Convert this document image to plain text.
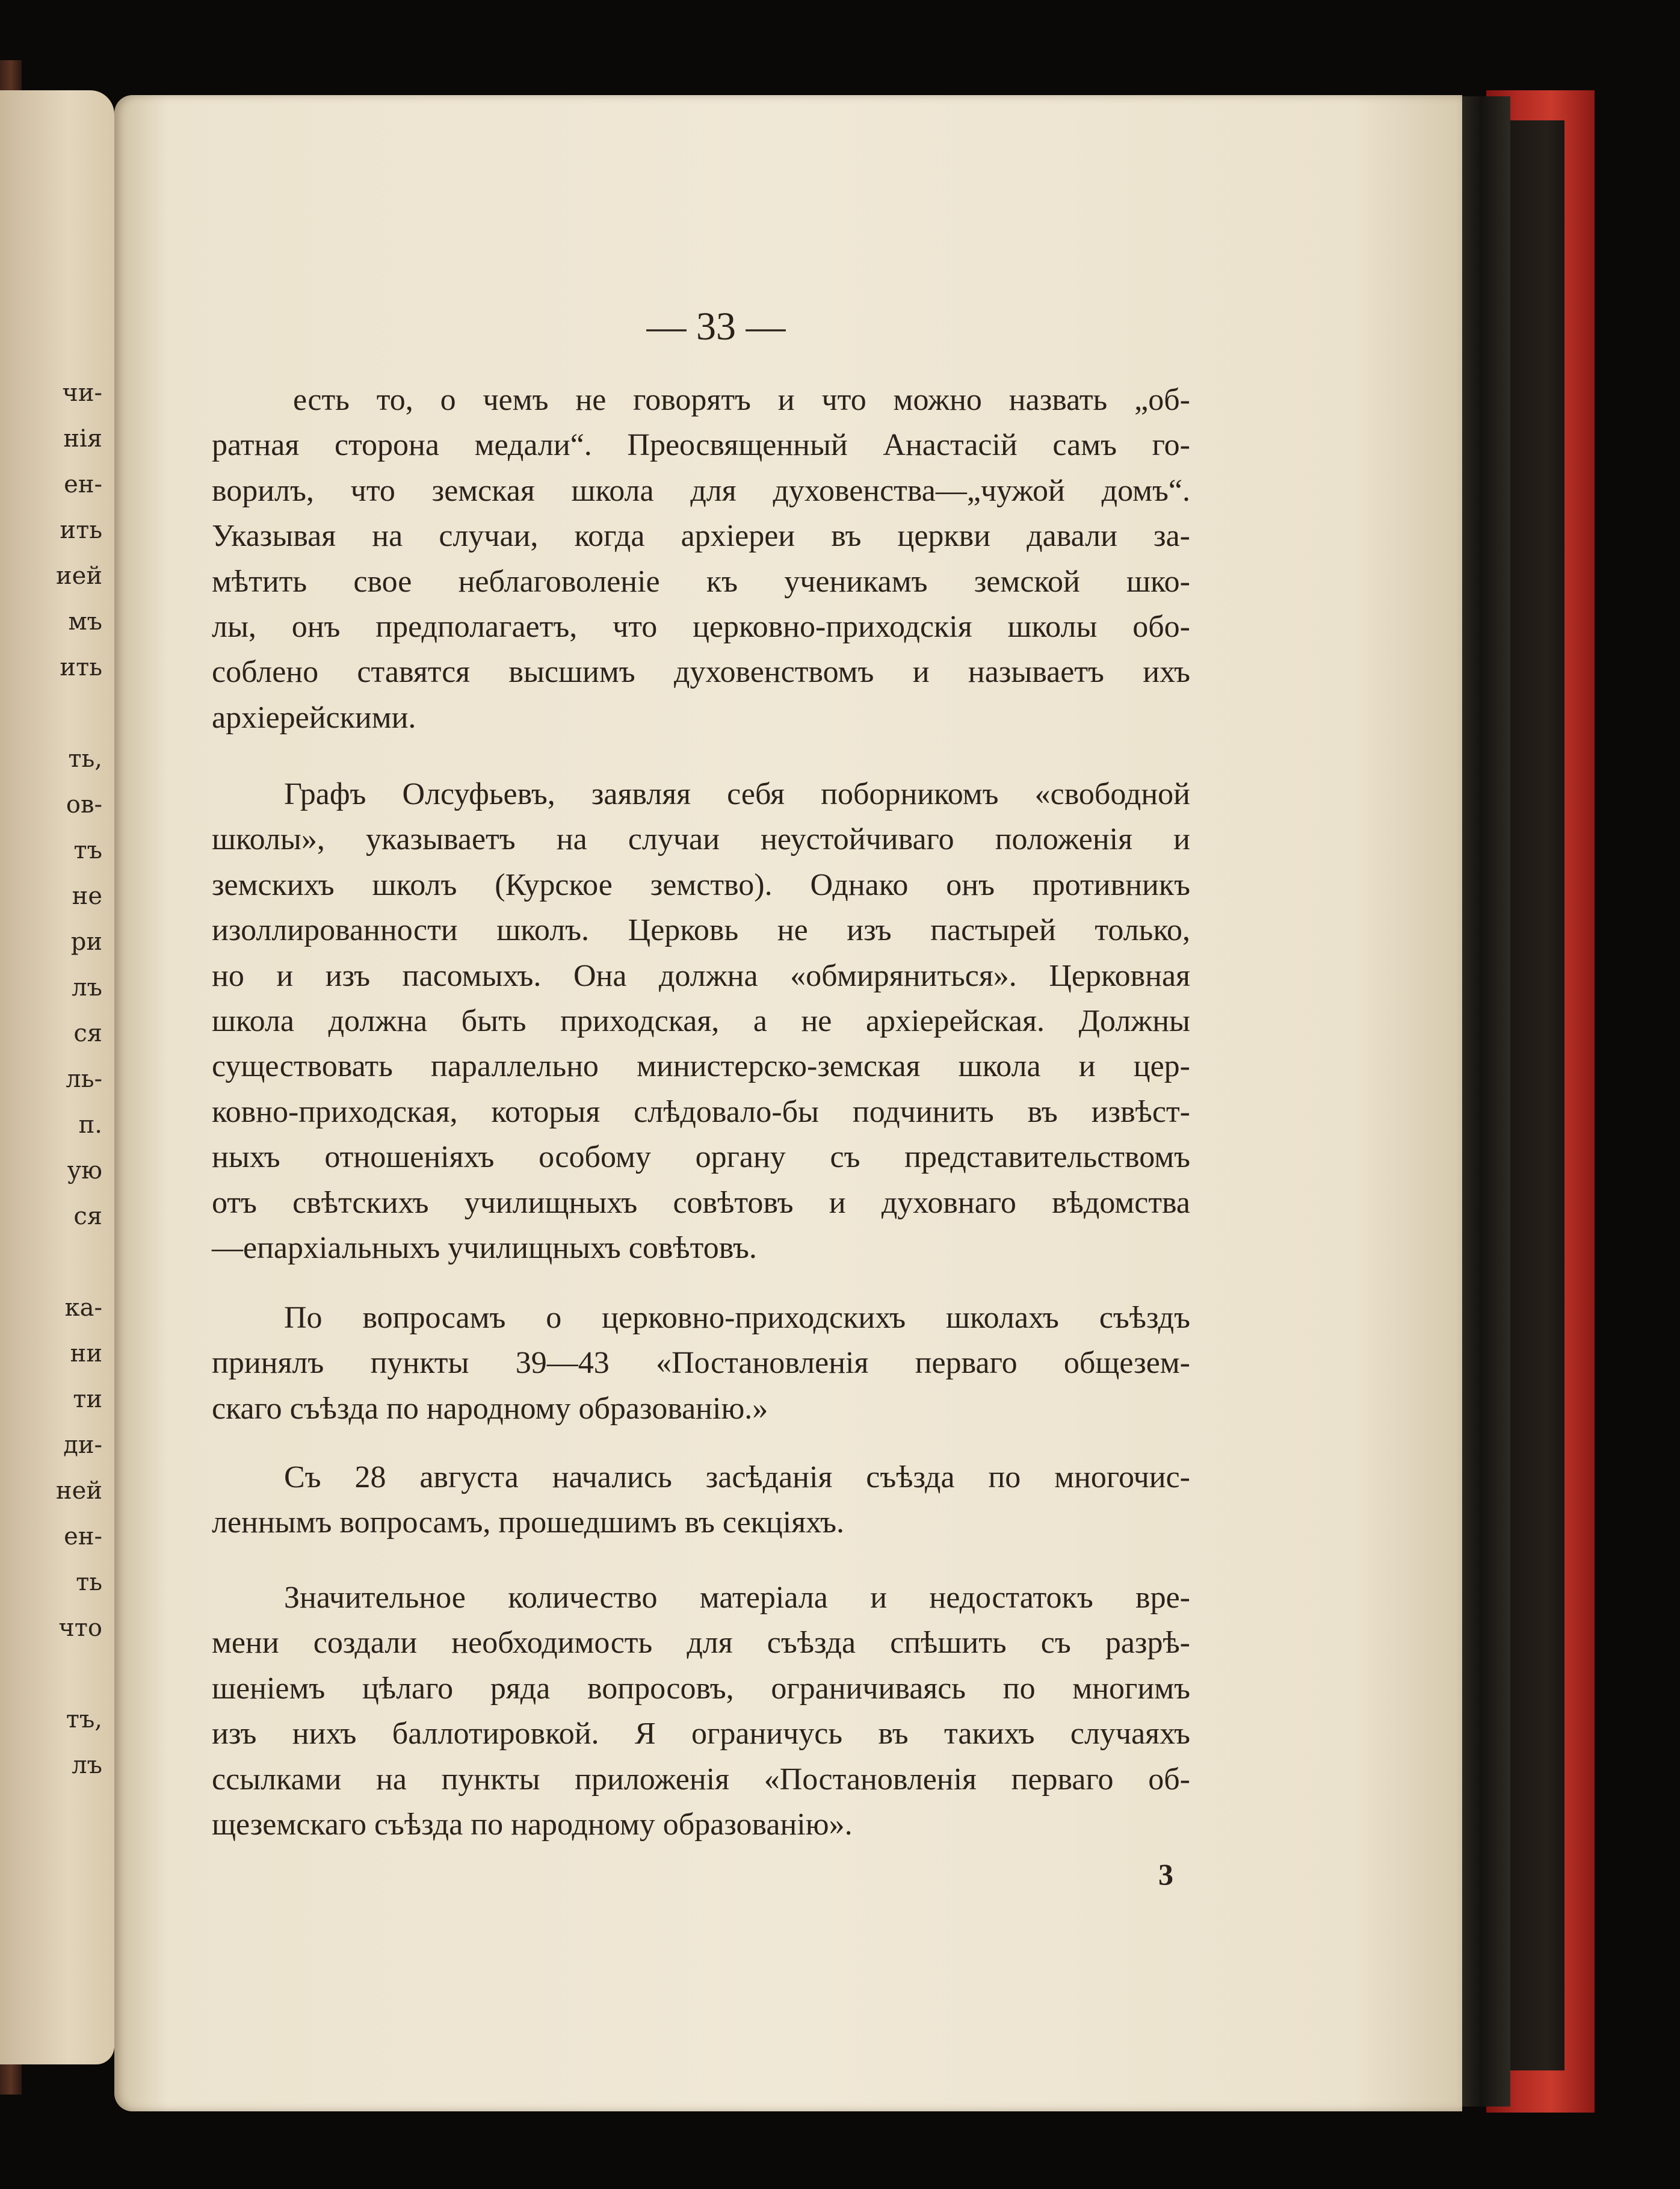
чи-
нія
ен-
ить
ией
мъ
ить
ть,
ов-
тъ
не
ри
лъ
ся
ль-
п.
ую
ся
ка-
ни
ти
ди-
ней
ен-
ть
что
тъ,
лъ
— 33 —
есть то, о чемъ не говорятъ и что можно назвать „об-
ратная сторона медали“. Преосвященный Анастасій самъ го-
ворилъ, что земская школа для духовенства—„чужой домъ“.
Указывая на случаи, когда архіереи въ церкви давали за-
мѣтить свое неблаговоленіе къ ученикамъ земской шко-
лы, онъ предполагаетъ, что церковно-приходскія школы обо-
соблено ставятся высшимъ духовенствомъ и называетъ ихъ
архіерейскими.
Графъ Олсуфьевъ, заявляя себя поборникомъ «свободной
школы», указываетъ на случаи неустойчиваго положенія и
земскихъ школъ (Курское земство). Однако онъ противникъ
изоллированности школъ. Церковь не изъ пастырей только,
но и изъ пасомыхъ. Она должна «обмирянитьcя». Церковная
школа должна быть приходская, а не архіерейская. Должны
существовать параллельно министерско-земская школа и цер-
ковно-приходская, которыя слѣдовало-бы подчинить въ извѣст-
ныхъ отношеніяхъ особому органу съ представительствомъ
отъ свѣтскихъ училищныхъ совѣтовъ и духовнаго вѣдомства
—епархіальныхъ училищныхъ совѣтовъ.
По вопросамъ о церковно-приходскихъ школахъ съѣздъ
принялъ пункты 39—43 «Постановленія перваго общезем-
скаго съѣзда по народному образованію.»
Съ 28 августа начались засѣданія съѣзда по многочис-
леннымъ вопросамъ, прошедшимъ въ секціяхъ.
Значительное количество матеріала и недостатокъ вре-
мени создали необходимость для съѣзда спѣшить съ разрѣ-
шеніемъ цѣлаго ряда вопросовъ, ограничиваясь по многимъ
изъ нихъ баллотировкой. Я ограничусь въ такихъ случаяхъ
ссылками на пункты приложенія «Постановленія перваго об-
щеземскаго съѣзда по народному образованію».
3
